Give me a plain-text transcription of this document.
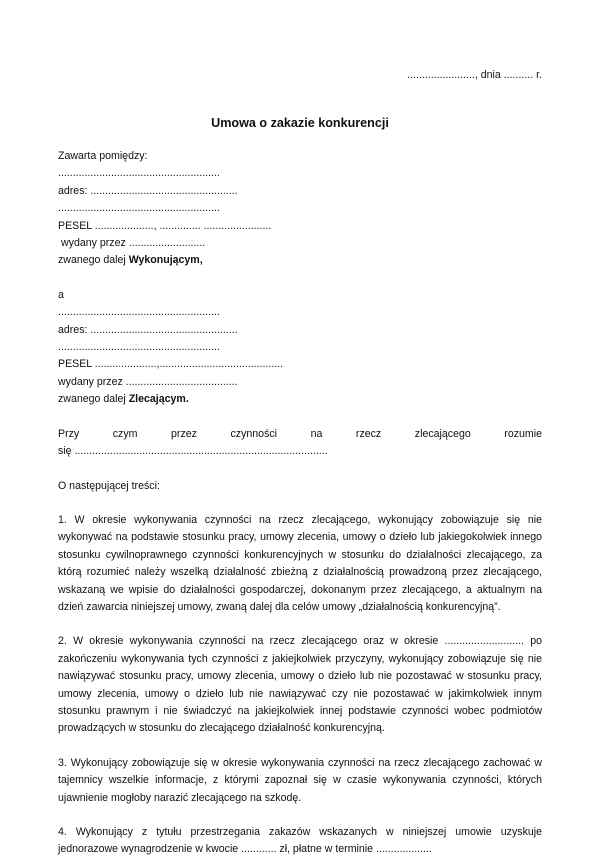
......................., dnia .......... r.
Umowa o zakazie konkurencji
Zawarta pomiędzy:
.......................................................
adres: ..................................................
.......................................................
PESEL ...................., .............. .......................
wydany przez ..........................
zwanego dalej Wykonującym,
a
.......................................................
adres: ..................................................
.......................................................
PESEL .....................,..........................................
wydany przez ......................................
zwanego dalej Zlecającym.
Przy czym przez czynności na rzecz zlecającego rozumie
się ......................................................................................
O następującej treści:
1. W okresie wykonywania czynności na rzecz zlecającego, wykonujący zobowiązuje się nie wykonywać na podstawie stosunku pracy, umowy zlecenia, umowy o dzieło lub jakiegokolwiek innego stosunku cywilnoprawnego czynności konkurencyjnych w stosunku do działalności zlecającego, za którą rozumieć należy wszelką działalność zbieżną z działalnością prowadzoną przez zlecającego, wskazaną we wpisie do działalności gospodarczej, dokonanym przez zlecającego, a aktualnym na dzień zawarcia niniejszej umowy, zwaną dalej dla celów umowy „działalnością konkurencyjną”.
2. W okresie wykonywania czynności na rzecz zlecającego oraz w okresie ........................... po zakończeniu wykonywania tych czynności z jakiejkolwiek przyczyny, wykonujący zobowiązuje się nie nawiązywać stosunku pracy, umowy zlecenia, umowy o dzieło lub nie pozostawać w stosunku pracy, umowy zlecenia, umowy o dzieło lub nie nawiązywać czy nie pozostawać w jakimkolwiek innym stosunku prawnym i nie świadczyć na jakiejkolwiek innej podstawie czynności wobec podmiotów prowadzących w stosunku do zlecającego działalność konkurencyjną.
3. Wykonujący zobowiązuje się w okresie wykonywania czynności na rzecz zlecającego zachować w tajemnicy wszelkie informacje, z którymi zapoznał się w czasie wykonywania czynności, których ujawnienie mogłoby narazić zlecającego na szkodę.
4. Wykonujący z tytułu przestrzegania zakazów wskazanych w niniejszej umowie uzyskuje jednorazowe wynagrodzenie w kwocie ............ zł, płatne w terminie ...................
